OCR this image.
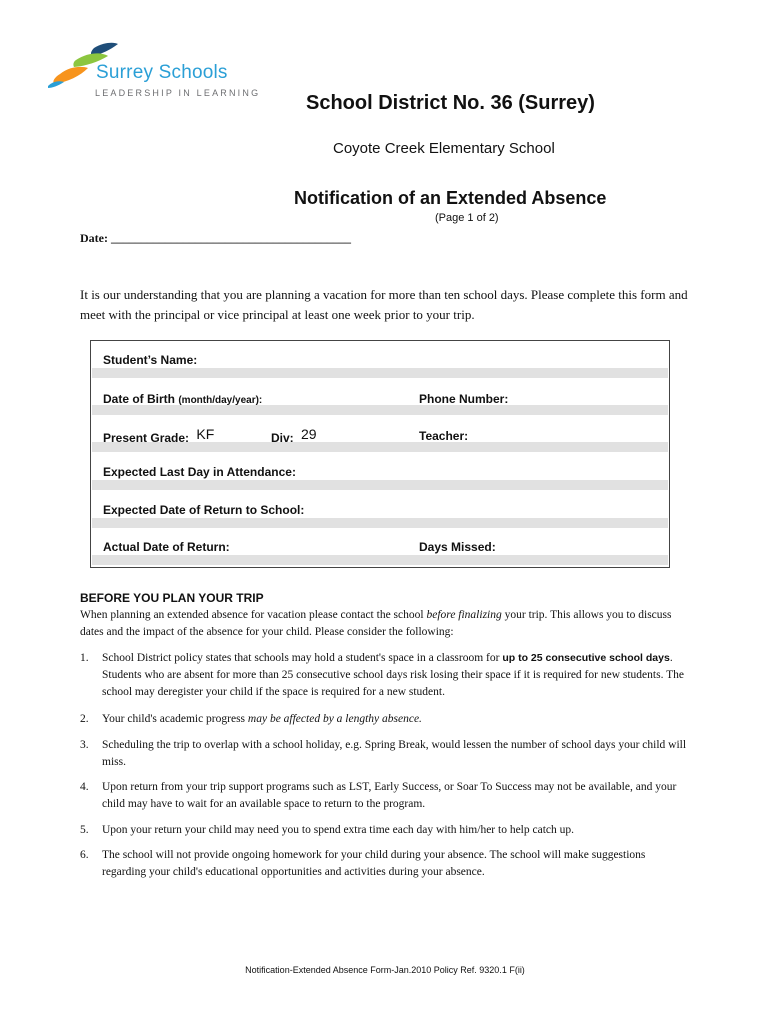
Surrey Schools
LEADERSHIP IN LEARNING School District No. 36 (Surrey)
Coyote Creek Elementary School
Notification of an Extended Absence
(Page 1 of 2)
Date: ________________________________________
It is our understanding that you are planning a vacation for more than ten school days. Please complete this form and meet with the principal or vice principal at least one week prior to your trip.
Student’s Name:
Date of Birth (month/day/year):	Phone Number:
Present Grade: KF	Div: 29	Teacher:
Expected Last Day in Attendance:
Expected Date of Return to School:
Actual Date of Return:	Days Missed:
BEFORE YOU PLAN YOUR TRIP
When planning an extended absence for vacation please contact the school before finalizing your trip. This allows you to discuss dates and the impact of the absence for your child. Please consider the following:
1. School District policy states that schools may hold a student's space in a classroom for up to 25 consecutive school days. Students who are absent for more than 25 consecutive school days risk losing their space if it is required for new students. The school may deregister your child if the space is required for a new student.
2. Your child's academic progress may be affected by a lengthy absence.
3. Scheduling the trip to overlap with a school holiday, e.g. Spring Break, would lessen the number of school days your child will miss.
4. Upon return from your trip support programs such as LST, Early Success, or Soar To Success may not be available, and your child may have to wait for an available space to return to the program.
5. Upon your return your child may need you to spend extra time each day with him/her to help catch up.
6. The school will not provide ongoing homework for your child during your absence. The school will make suggestions regarding your child's educational opportunities and activities during your absence.
Notification-Extended Absence Form-Jan.2010 Policy Ref. 9320.1 F(ii)
